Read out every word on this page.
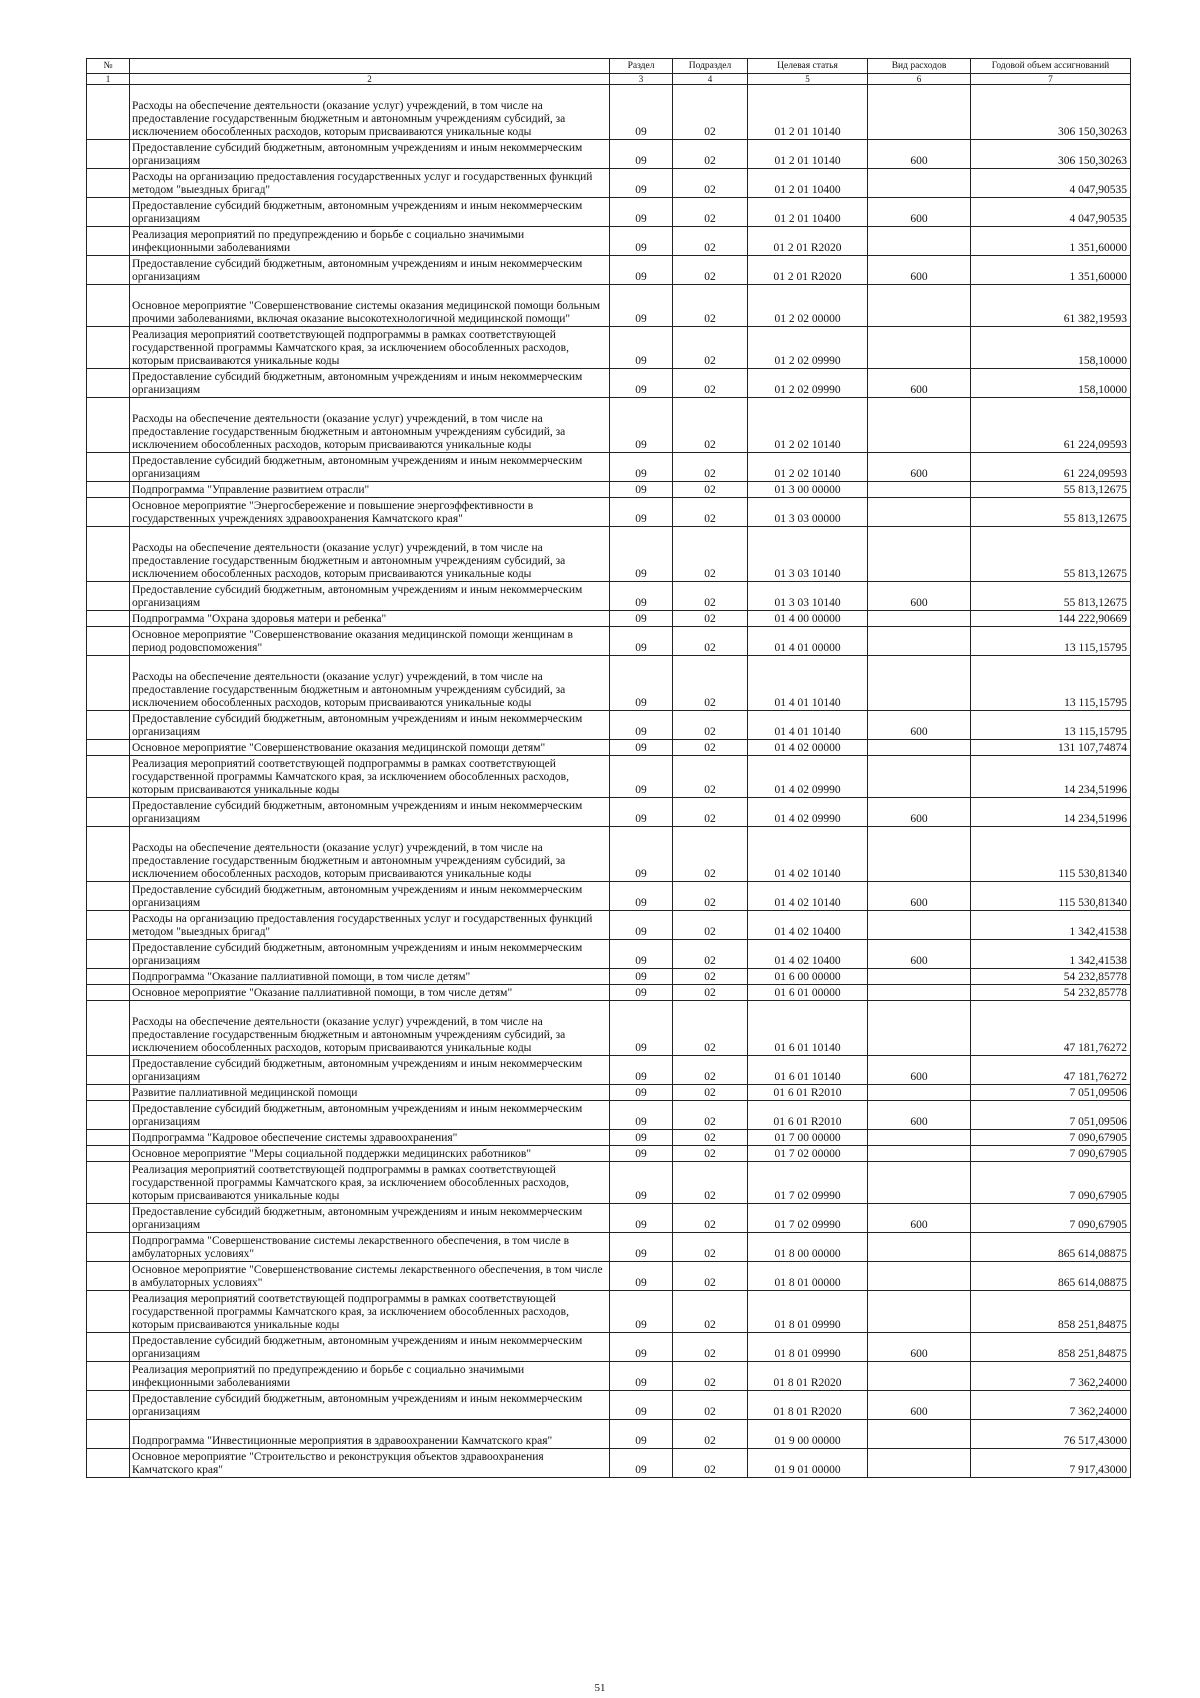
№		Раздел	Подраздел	Целевая статья	Вид расходов	Годовой объем ассигнований
1	2	3	4	5	6	7
	Расходы на обеспечение деятельности (оказание услуг) учреждений, в том числе на предоставление государственным бюджетным и автономным учреждениям субсидий, за исключением обособленных расходов, которым присваиваются уникальные коды	09	02	01 2 01 10140		306 150,30263
	Предоставление субсидий бюджетным, автономным учреждениям и иным некоммерческим организациям	09	02	01 2 01 10140	600	306 150,30263
	Расходы на организацию предоставления государственных услуг и государственных функций методом "выездных бригад"	09	02	01 2 01 10400		4 047,90535
	Предоставление субсидий бюджетным, автономным учреждениям и иным некоммерческим организациям	09	02	01 2 01 10400	600	4 047,90535
	Реализация мероприятий по предупреждению и борьбе с социально значимыми инфекционными заболеваниями	09	02	01 2 01 R2020		1 351,60000
	Предоставление субсидий бюджетным, автономным учреждениям и иным некоммерческим организациям	09	02	01 2 01 R2020	600	1 351,60000
	Основное мероприятие "Совершенствование системы оказания медицинской помощи больным прочими заболеваниями, включая оказание высокотехнологичной медицинской помощи"	09	02	01 2 02 00000		61 382,19593
	Реализация мероприятий соответствующей подпрограммы в рамках соответствующей государственной программы Камчатского края, за исключением обособленных расходов, которым присваиваются уникальные коды	09	02	01 2 02 09990		158,10000
	Предоставление субсидий бюджетным, автономным учреждениям и иным некоммерческим организациям	09	02	01 2 02 09990	600	158,10000
	Расходы на обеспечение деятельности (оказание услуг) учреждений, в том числе на предоставление государственным бюджетным и автономным учреждениям субсидий, за исключением обособленных расходов, которым присваиваются уникальные коды	09	02	01 2 02 10140		61 224,09593
	Предоставление субсидий бюджетным, автономным учреждениям и иным некоммерческим организациям	09	02	01 2 02 10140	600	61 224,09593
	Подпрограмма "Управление развитием отрасли"	09	02	01 3 00 00000		55 813,12675
	Основное мероприятие "Энергосбережение и повышение энергоэффективности в государственных учреждениях здравоохранения Камчатского края"	09	02	01 3 03 00000		55 813,12675
	Расходы на обеспечение деятельности (оказание услуг) учреждений, в том числе на предоставление государственным бюджетным и автономным учреждениям субсидий, за исключением обособленных расходов, которым присваиваются уникальные коды	09	02	01 3 03 10140		55 813,12675
	Предоставление субсидий бюджетным, автономным учреждениям и иным некоммерческим организациям	09	02	01 3 03 10140	600	55 813,12675
	Подпрограмма "Охрана здоровья матери и ребенка"	09	02	01 4 00 00000		144 222,90669
	Основное мероприятие "Совершенствование оказания медицинской помощи женщинам в период родовспоможения"	09	02	01 4 01 00000		13 115,15795
	Расходы на обеспечение деятельности (оказание услуг) учреждений, в том числе на предоставление государственным бюджетным и автономным учреждениям субсидий, за исключением обособленных расходов, которым присваиваются уникальные коды	09	02	01 4 01 10140		13 115,15795
	Предоставление субсидий бюджетным, автономным учреждениям и иным некоммерческим организациям	09	02	01 4 01 10140	600	13 115,15795
	Основное мероприятие "Совершенствование оказания медицинской помощи детям"	09	02	01 4 02 00000		131 107,74874
	Реализация мероприятий соответствующей подпрограммы в рамках соответствующей государственной программы Камчатского края, за исключением обособленных расходов, которым присваиваются уникальные коды	09	02	01 4 02 09990		14 234,51996
	Предоставление субсидий бюджетным, автономным учреждениям и иным некоммерческим организациям	09	02	01 4 02 09990	600	14 234,51996
	Расходы на обеспечение деятельности (оказание услуг) учреждений, в том числе на предоставление государственным бюджетным и автономным учреждениям субсидий, за исключением обособленных расходов, которым присваиваются уникальные коды	09	02	01 4 02 10140		115 530,81340
	Предоставление субсидий бюджетным, автономным учреждениям и иным некоммерческим организациям	09	02	01 4 02 10140	600	115 530,81340
	Расходы на организацию предоставления государственных услуг и государственных функций методом "выездных бригад"	09	02	01 4 02 10400		1 342,41538
	Предоставление субсидий бюджетным, автономным учреждениям и иным некоммерческим организациям	09	02	01 4 02 10400	600	1 342,41538
	Подпрограмма "Оказание паллиативной помощи, в том числе детям"	09	02	01 6 00 00000		54 232,85778
	Основное мероприятие "Оказание паллиативной помощи, в том числе детям"	09	02	01 6 01 00000		54 232,85778
	Расходы на обеспечение деятельности (оказание услуг) учреждений, в том числе на предоставление государственным бюджетным и автономным учреждениям субсидий, за исключением обособленных расходов, которым присваиваются уникальные коды	09	02	01 6 01 10140		47 181,76272
	Предоставление субсидий бюджетным, автономным учреждениям и иным некоммерческим организациям	09	02	01 6 01 10140	600	47 181,76272
	Развитие паллиативной медицинской помощи	09	02	01 6 01 R2010		7 051,09506
	Предоставление субсидий бюджетным, автономным учреждениям и иным некоммерческим организациям	09	02	01 6 01 R2010	600	7 051,09506
	Подпрограмма "Кадровое обеспечение системы здравоохранения"	09	02	01 7 00 00000		7 090,67905
	Основное мероприятие "Меры социальной поддержки медицинских работников"	09	02	01 7 02 00000		7 090,67905
	Реализация мероприятий соответствующей подпрограммы в рамках соответствующей государственной программы Камчатского края, за исключением обособленных расходов, которым присваиваются уникальные коды	09	02	01 7 02 09990		7 090,67905
	Предоставление субсидий бюджетным, автономным учреждениям и иным некоммерческим организациям	09	02	01 7 02 09990	600	7 090,67905
	Подпрограмма "Совершенствование системы лекарственного обеспечения, в том числе в амбулаторных условиях"	09	02	01 8 00 00000		865 614,08875
	Основное мероприятие "Совершенствование системы лекарственного обеспечения, в том числе в амбулаторных условиях"	09	02	01 8 01 00000		865 614,08875
	Реализация мероприятий соответствующей подпрограммы в рамках соответствующей государственной программы Камчатского края, за исключением обособленных расходов, которым присваиваются уникальные коды	09	02	01 8 01 09990		858 251,84875
	Предоставление субсидий бюджетным, автономным учреждениям и иным некоммерческим организациям	09	02	01 8 01 09990	600	858 251,84875
	Реализация мероприятий по предупреждению и борьбе с социально значимыми инфекционными заболеваниями	09	02	01 8 01 R2020		7 362,24000
	Предоставление субсидий бюджетным, автономным учреждениям и иным некоммерческим организациям	09	02	01 8 01 R2020	600	7 362,24000
	Подпрограмма "Инвестиционные мероприятия в здравоохранении Камчатского края"	09	02	01 9 00 00000		76 517,43000
	Основное мероприятие "Строительство и реконструкция объектов здравоохранения Камчатского края"	09	02	01 9 01 00000		7 917,43000
51
